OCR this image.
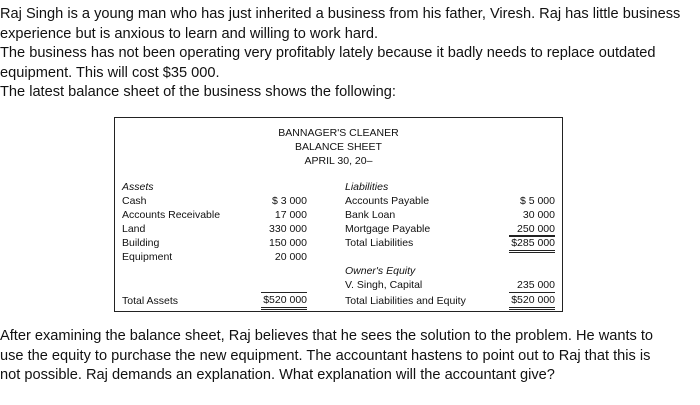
Raj Singh is a young man who has just inherited a business from his father, Viresh. Raj has little business
experience but is anxious to learn and willing to work hard.
The business has not been operating very profitably lately because it badly needs to replace outdated
equipment. This will cost $35 000.
The latest balance sheet of the business shows the following:
BANNAGER'S CLEANER
BALANCE SHEET
APRIL 30, 20–
Assets
Cash
Accounts Receivable
Land
Building
Equipment
Total Assets
$ 3 000
17 000
330 000
150 000
20 000
$520 000
Liabilities
Accounts Payable
Bank Loan
Mortgage Payable
Total Liabilities
$ 5 000
30 000
250 000
$285 000
Owner's Equity
V. Singh, Capital
Total Liabilities and Equity
235 000
$520 000
After examining the balance sheet, Raj believes that he sees the solution to the problem. He wants to
use the equity to purchase the new equipment. The accountant hastens to point out to Raj that this is
not possible. Raj demands an explanation. What explanation will the accountant give?
